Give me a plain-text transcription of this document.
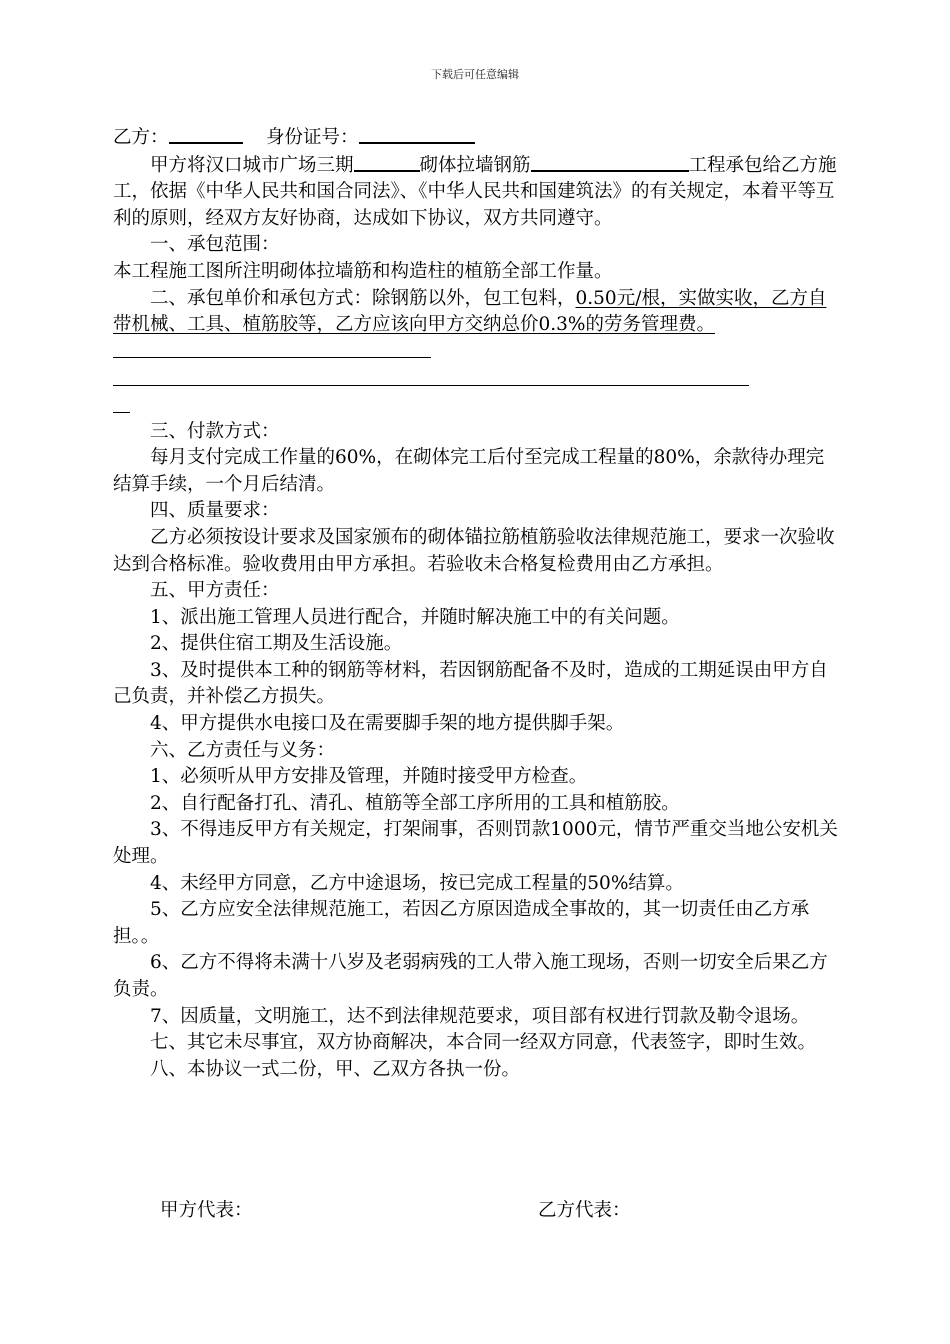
下载后可任意编辑

乙方：	身份证号：

甲方将汉口城市广场三期	砌体拉墙钢筋	工程承包给乙方施工，依据《中华人民共和国合同法》、《中华人民共和国建筑法》的有关规定，本着平等互利的原则，经双方友好协商，达成如下协议，双方共同遵守。

一、承包范围：

本工程施工图所注明砌体拉墙筋和构造柱的植筋全部工作量。

二、承包单价和承包方式：除钢筋以外，包工包料，0.50元/根，实做实收，乙方自带机械、工具、植筋胶等，乙方应该向甲方交纳总价0.3%的劳务管理费。

三、付款方式：

每月支付完成工作量的60%，在砌体完工后付至完成工程量的80%，余款待办理完结算手续，一个月后结清。

四、质量要求：

乙方必须按设计要求及国家颁布的砌体锚拉筋植筋验收法律规范施工，要求一次验收达到合格标准。验收费用由甲方承担。若验收未合格复检费用由乙方承担。

五、甲方责任：

1、派出施工管理人员进行配合，并随时解决施工中的有关问题。

2、提供住宿工期及生活设施。

3、及时提供本工种的钢筋等材料，若因钢筋配备不及时，造成的工期延误由甲方自己负责，并补偿乙方损失。

4、甲方提供水电接口及在需要脚手架的地方提供脚手架。

六、乙方责任与义务：

1、必须听从甲方安排及管理，并随时接受甲方检查。

2、自行配备打孔、清孔、植筋等全部工序所用的工具和植筋胶。

3、不得违反甲方有关规定，打架闹事，否则罚款1000元，情节严重交当地公安机关处理。

4、未经甲方同意，乙方中途退场，按已完成工程量的50%结算。

5、乙方应安全法律规范施工，若因乙方原因造成全事故的，其一切责任由乙方承担。。

6、乙方不得将未满十八岁及老弱病残的工人带入施工现场，否则一切安全后果乙方负责。

7、因质量，文明施工，达不到法律规范要求，项目部有权进行罚款及勒令退场。

七、其它未尽事宜，双方协商解决，本合同一经双方同意，代表签字，即时生效。

八、本协议一式二份，甲、乙双方各执一份。

甲方代表：	乙方代表：
